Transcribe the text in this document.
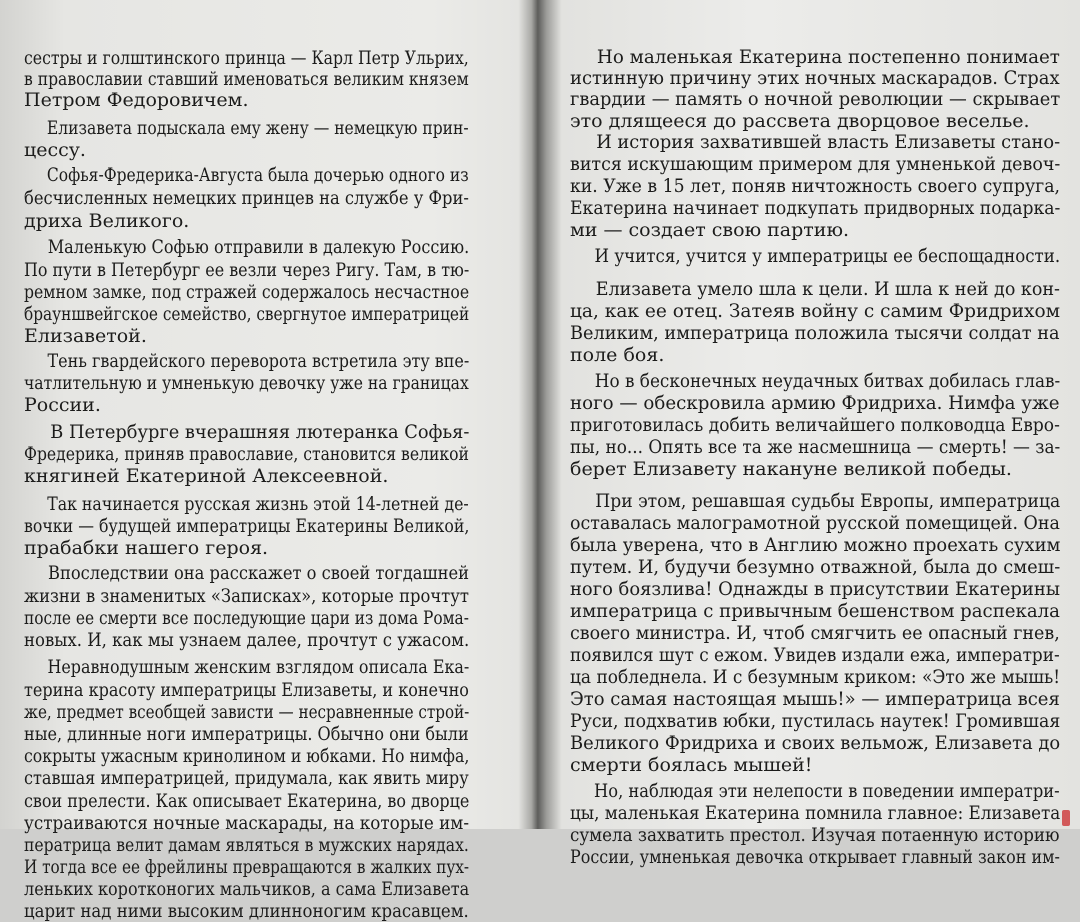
сестры и голштинского принца — Карл Петр Ульрих,
в православии ставший именоваться великим князем
Петром Федоровичем.
Елизавета подыскала ему жену — немецкую прин-
цессу.
Софья-Фредерика-Августа была дочерью одного из
бесчисленных немецких принцев на службе у Фри-
дриха Великого.
Маленькую Софью отправили в далекую Россию.
По пути в Петербург ее везли через Ригу. Там, в тю-
ремном замке, под стражей содержалось несчастное
брауншвейгское семейство, свергнутое императрицей
Елизаветой.
Тень гвардейского переворота встретила эту впе-
чатлительную и умненькую девочку уже на границах
России.
В Петербурге вчерашняя лютеранка Софья-
Фредерика, приняв православие, становится великой
княгиней Екатериной Алексеевной.
Так начинается русская жизнь этой 14-летней де-
вочки — будущей императрицы Екатерины Великой,
прабабки нашего героя.
Впоследствии она расскажет о своей тогдашней
жизни в знаменитых «Записках», которые прочтут
после ее смерти все последующие цари из дома Рома-
новых. И, как мы узнаем далее, прочтут с ужасом.
Неравнодушным женским взглядом описала Ека-
терина красоту императрицы Елизаветы, и конечно
же, предмет всеобщей зависти — несравненные строй-
ные, длинные ноги императрицы. Обычно они были
сокрыты ужасным кринолином и юбками. Но нимфа,
ставшая императрицей, придумала, как явить миру
свои прелести. Как описывает Екатерина, во дворце
устраиваются ночные маскарады, на которые им-
ператрица велит дамам являться в мужских нарядах.
И тогда все ее фрейлины превращаются в жалких пух-
леньких коротконогих мальчиков, а сама Елизавета
царит над ними высоким длинноногим красавцем.
Но маленькая Екатерина постепенно понимает
истинную причину этих ночных маскарадов. Страх
гвардии — память о ночной революции — скрывает
это длящееся до рассвета дворцовое веселье.
И история захватившей власть Елизаветы стано-
вится искушающим примером для умненькой девоч-
ки. Уже в 15 лет, поняв ничтожность своего супруга,
Екатерина начинает подкупать придворных подарка-
ми — создает свою партию.
И учится, учится у императрицы ее беспощадности.
Елизавета умело шла к цели. И шла к ней до кон-
ца, как ее отец. Затеяв войну с самим Фридрихом
Великим, императрица положила тысячи солдат на
поле боя.
Но в бесконечных неудачных битвах добилась глав-
ного — обескровила армию Фридриха. Нимфа уже
приготовилась добить величайшего полководца Евро-
пы, но... Опять все та же насмешница — смерть! — за-
берет Елизавету накануне великой победы.
При этом, решавшая судьбы Европы, императрица
оставалась малограмотной русской помещицей. Она
была уверена, что в Англию можно проехать сухим
путем. И, будучи безумно отважной, была до смеш-
ного боязлива! Однажды в присутствии Екатерины
императрица с привычным бешенством распекала
своего министра. И, чтоб смягчить ее опасный гнев,
появился шут с ежом. Увидев издали ежа, императри-
ца побледнела. И с безумным криком: «Это же мышь!
Это самая настоящая мышь!» — императрица всея
Руси, подхватив юбки, пустилась наутек! Громившая
Великого Фридриха и своих вельмож, Елизавета до
смерти боялась мышей!
Но, наблюдая эти нелепости в поведении императри-
цы, маленькая Екатерина помнила главное: Елизавета
сумела захватить престол. Изучая потаенную историю
России, умненькая девочка открывает главный закон им-
